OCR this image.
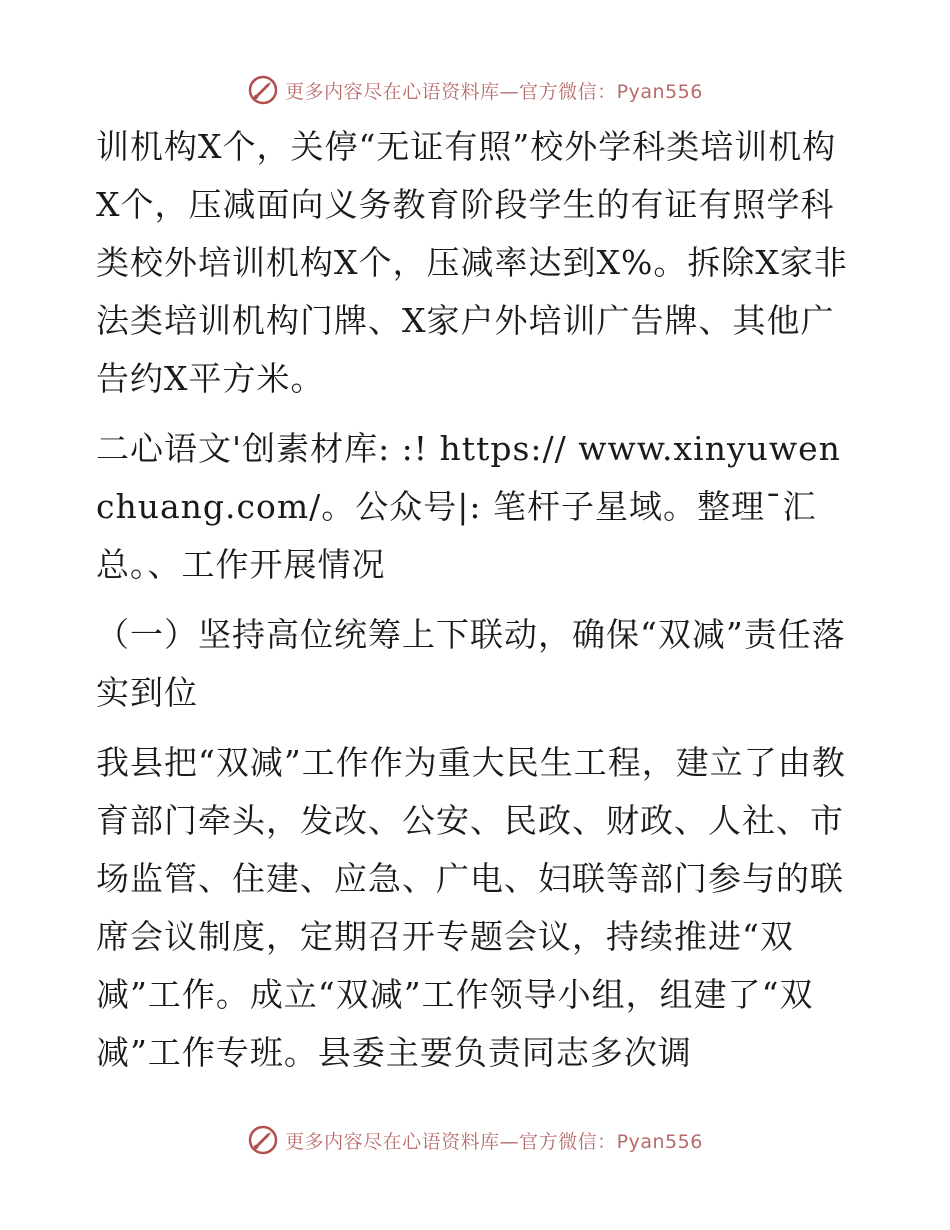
更多内容尽在心语资料库—官方微信：Pyan556

训机构X个，关停“无证有照”校外学科类培训机构X个，压减面向义务教育阶段学生的有证有照学科类校外培训机构X个，压减率达到X%。拆除X家非法类培训机构门牌、X家户外培训广告牌、其他广告约X平方米。

二心语文'创素材库: :! https:// www.xinyuwenchuang.com/。公众号|: 笔杆子星域。整理¯汇总。、工作开展情况

（一）坚持高位统筹上下联动，确保“双减”责任落实到位

我县把“双减”工作作为重大民生工程，建立了由教育部门牵头，发改、公安、民政、财政、人社、市场监管、住建、应急、广电、妇联等部门参与的联席会议制度，定期召开专题会议，持续推进“双减”工作。成立“双减”工作领导小组，组建了“双减”工作专班。县委主要负责同志多次调

更多内容尽在心语资料库—官方微信：Pyan556
